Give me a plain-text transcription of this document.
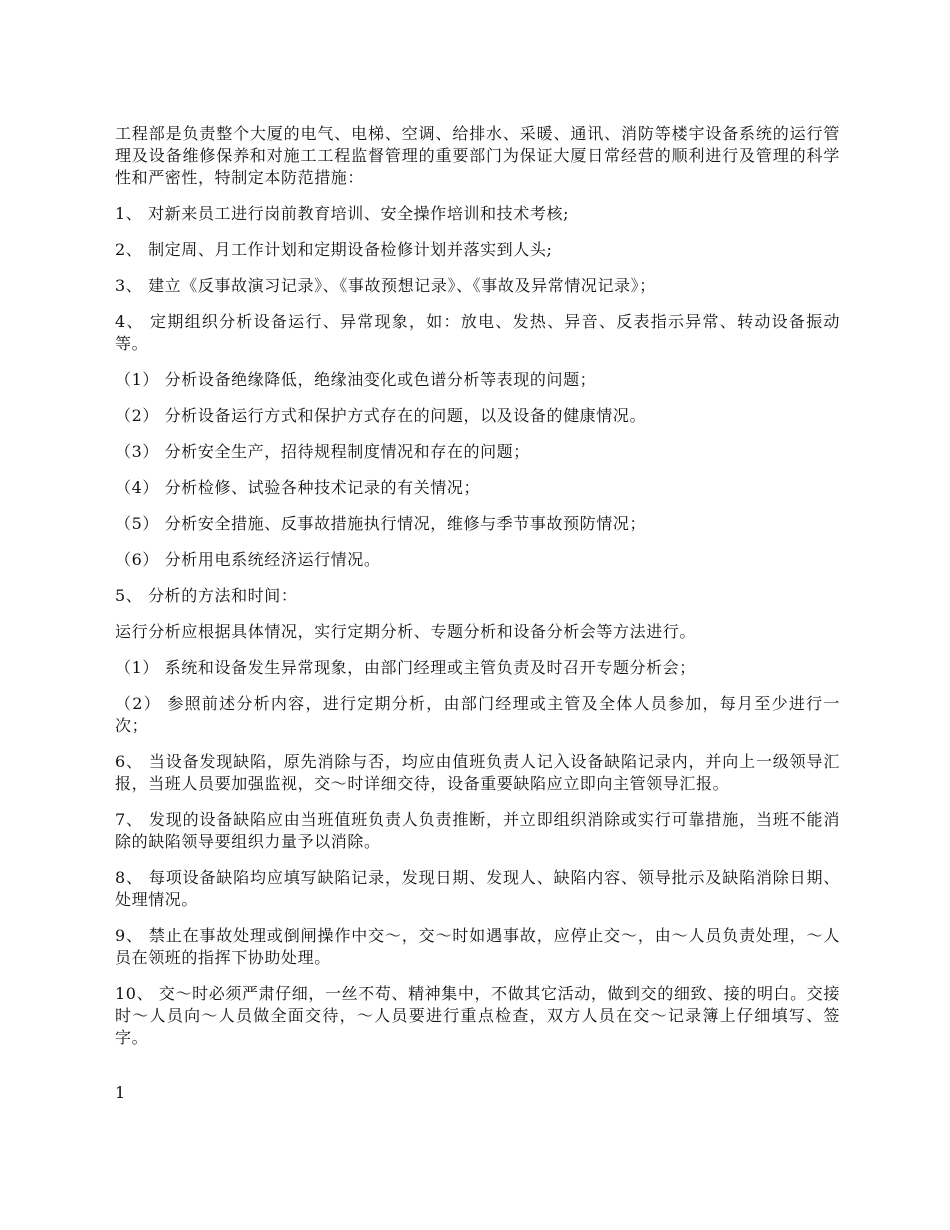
工程部是负责整个大厦的电气、电梯、空调、给排水、采暖、通讯、消防等楼宇设备系统的运行管理及设备维修保养和对施工工程监督管理的重要部门为保证大厦日常经营的顺利进行及管理的科学性和严密性，特制定本防范措施：

1、 对新来员工进行岗前教育培训、安全操作培训和技术考核;

2、 制定周、月工作计划和定期设备检修计划并落实到人头;

3、 建立《反事故演习记录》、《事故预想记录》、《事故及异常情况记录》；

4、 定期组织分析设备运行、异常现象，如：放电、发热、异音、反表指示异常、转动设备振动等。

（1） 分析设备绝缘降低，绝缘油变化或色谱分析等表现的问题；

（2） 分析设备运行方式和保护方式存在的问题，以及设备的健康情况。

（3） 分析安全生产，招待规程制度情况和存在的问题；

（4） 分析检修、试验各种技术记录的有关情况；

（5） 分析安全措施、反事故措施执行情况，维修与季节事故预防情况；

（6） 分析用电系统经济运行情况。

5、 分析的方法和时间：

运行分析应根据具体情况，实行定期分析、专题分析和设备分析会等方法进行。

（1） 系统和设备发生异常现象，由部门经理或主管负责及时召开专题分析会；

（2） 参照前述分析内容，进行定期分析，由部门经理或主管及全体人员参加，每月至少进行一次；

6、 当设备发现缺陷，原先消除与否，均应由值班负责人记入设备缺陷记录内，并向上一级领导汇报，当班人员要加强监视，交～时详细交待，设备重要缺陷应立即向主管领导汇报。

7、 发现的设备缺陷应由当班值班负责人负责推断，并立即组织消除或实行可靠措施，当班不能消除的缺陷领导要组织力量予以消除。

8、 每项设备缺陷均应填写缺陷记录，发现日期、发现人、缺陷内容、领导批示及缺陷消除日期、处理情况。

9、 禁止在事故处理或倒闸操作中交～，交～时如遇事故，应停止交～，由～人员负责处理，～人员在领班的指挥下协助处理。

10、 交～时必须严肃仔细，一丝不苟、精神集中，不做其它活动，做到交的细致、接的明白。交接时～人员向～人员做全面交待，～人员要进行重点检查，双方人员在交～记录簿上仔细填写、签字。

1
